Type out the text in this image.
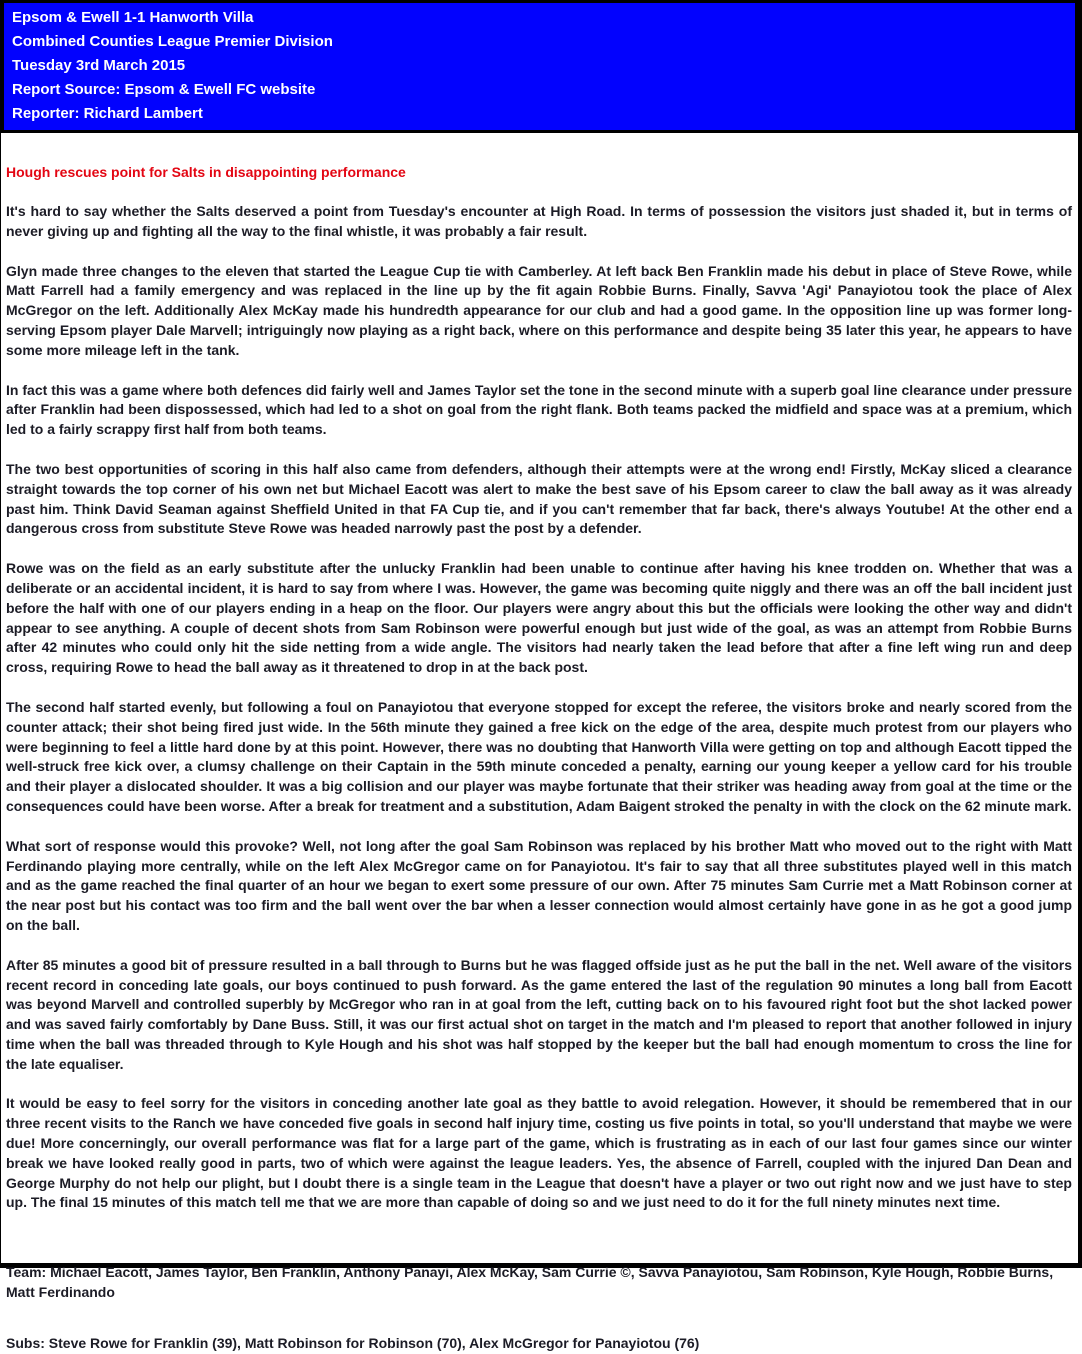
Epsom & Ewell 1-1 Hanworth Villa
Combined Counties League Premier Division
Tuesday 3rd March 2015
Report Source: Epsom & Ewell FC website
Reporter: Richard Lambert
Hough rescues point for Salts in disappointing performance

It's hard to say whether the Salts deserved a point from Tuesday's encounter at High Road. In terms of possession the visitors just shaded it, but in terms of never giving up and fighting all the way to the final whistle, it was probably a fair result.

Glyn made three changes to the eleven that started the League Cup tie with Camberley. At left back Ben Franklin made his debut in place of Steve Rowe, while Matt Farrell had a family emergency and was replaced in the line up by the fit again Robbie Burns. Finally, Savva 'Agi' Panayiotou took the place of Alex McGregor on the left. Additionally Alex McKay made his hundredth appearance for our club and had a good game. In the opposition line up was former long-serving Epsom player Dale Marvell; intriguingly now playing as a right back, where on this performance and despite being 35 later this year, he appears to have some more mileage left in the tank.

In fact this was a game where both defences did fairly well and James Taylor set the tone in the second minute with a superb goal line clearance under pressure after Franklin had been dispossessed, which had led to a shot on goal from the right flank. Both teams packed the midfield and space was at a premium, which led to a fairly scrappy first half from both teams.

The two best opportunities of scoring in this half also came from defenders, although their attempts were at the wrong end! Firstly, McKay sliced a clearance straight towards the top corner of his own net but Michael Eacott was alert to make the best save of his Epsom career to claw the ball away as it was already past him. Think David Seaman against Sheffield United in that FA Cup tie, and if you can't remember that far back, there's always Youtube! At the other end a dangerous cross from substitute Steve Rowe was headed narrowly past the post by a defender.

Rowe was on the field as an early substitute after the unlucky Franklin had been unable to continue after having his knee trodden on. Whether that was a deliberate or an accidental incident, it is hard to say from where I was. However, the game was becoming quite niggly and there was an off the ball incident just before the half with one of our players ending in a heap on the floor. Our players were angry about this but the officials were looking the other way and didn't appear to see anything. A couple of decent shots from Sam Robinson were powerful enough but just wide of the goal, as was an attempt from Robbie Burns after 42 minutes who could only hit the side netting from a wide angle. The visitors had nearly taken the lead before that after a fine left wing run and deep cross, requiring Rowe to head the ball away as it threatened to drop in at the back post.

The second half started evenly, but following a foul on Panayiotou that everyone stopped for except the referee, the visitors broke and nearly scored from the counter attack; their shot being fired just wide. In the 56th minute they gained a free kick on the edge of the area, despite much protest from our players who were beginning to feel a little hard done by at this point. However, there was no doubting that Hanworth Villa were getting on top and although Eacott tipped the well-struck free kick over, a clumsy challenge on their Captain in the 59th minute conceded a penalty, earning our young keeper a yellow card for his trouble and their player a dislocated shoulder. It was a big collision and our player was maybe fortunate that their striker was heading away from goal at the time or the consequences could have been worse. After a break for treatment and a substitution, Adam Baigent stroked the penalty in with the clock on the 62 minute mark.

What sort of response would this provoke? Well, not long after the goal Sam Robinson was replaced by his brother Matt who moved out to the right with Matt Ferdinando playing more centrally, while on the left Alex McGregor came on for Panayiotou. It's fair to say that all three substitutes played well in this match and as the game reached the final quarter of an hour we began to exert some pressure of our own. After 75 minutes Sam Currie met a Matt Robinson corner at the near post but his contact was too firm and the ball went over the bar when a lesser connection would almost certainly have gone in as he got a good jump on the ball.

After 85 minutes a good bit of pressure resulted in a ball through to Burns but he was flagged offside just as he put the ball in the net. Well aware of the visitors recent record in conceding late goals, our boys continued to push forward. As the game entered the last of the regulation 90 minutes a long ball from Eacott was beyond Marvell and controlled superbly by McGregor who ran in at goal from the left, cutting back on to his favoured right foot but the shot lacked power and was saved fairly comfortably by Dane Buss. Still, it was our first actual shot on target in the match and I'm pleased to report that another followed in injury time when the ball was threaded through to Kyle Hough and his shot was half stopped by the keeper but the ball had enough momentum to cross the line for the late equaliser.

It would be easy to feel sorry for the visitors in conceding another late goal as they battle to avoid relegation. However, it should be remembered that in our three recent visits to the Ranch we have conceded five goals in second half injury time, costing us five points in total, so you'll understand that maybe we were due! More concerningly, our overall performance was flat for a large part of the game, which is frustrating as in each of our last four games since our winter break we have looked really good in parts, two of which were against the league leaders. Yes, the absence of Farrell, coupled with the injured Dan Dean and George Murphy do not help our plight, but I doubt there is a single team in the League that doesn't have a player or two out right now and we just have to step up. The final 15 minutes of this match tell me that we are more than capable of doing so and we just need to do it for the full ninety minutes next time.

Team: Michael Eacott, James Taylor, Ben Franklin, Anthony Panayi, Alex McKay, Sam Currie ©, Savva Panayiotou, Sam Robinson, Kyle Hough, Robbie Burns, Matt Ferdinando

Subs: Steve Rowe for Franklin (39), Matt Robinson for Robinson (70), Alex McGregor for Panayiotou (76)
